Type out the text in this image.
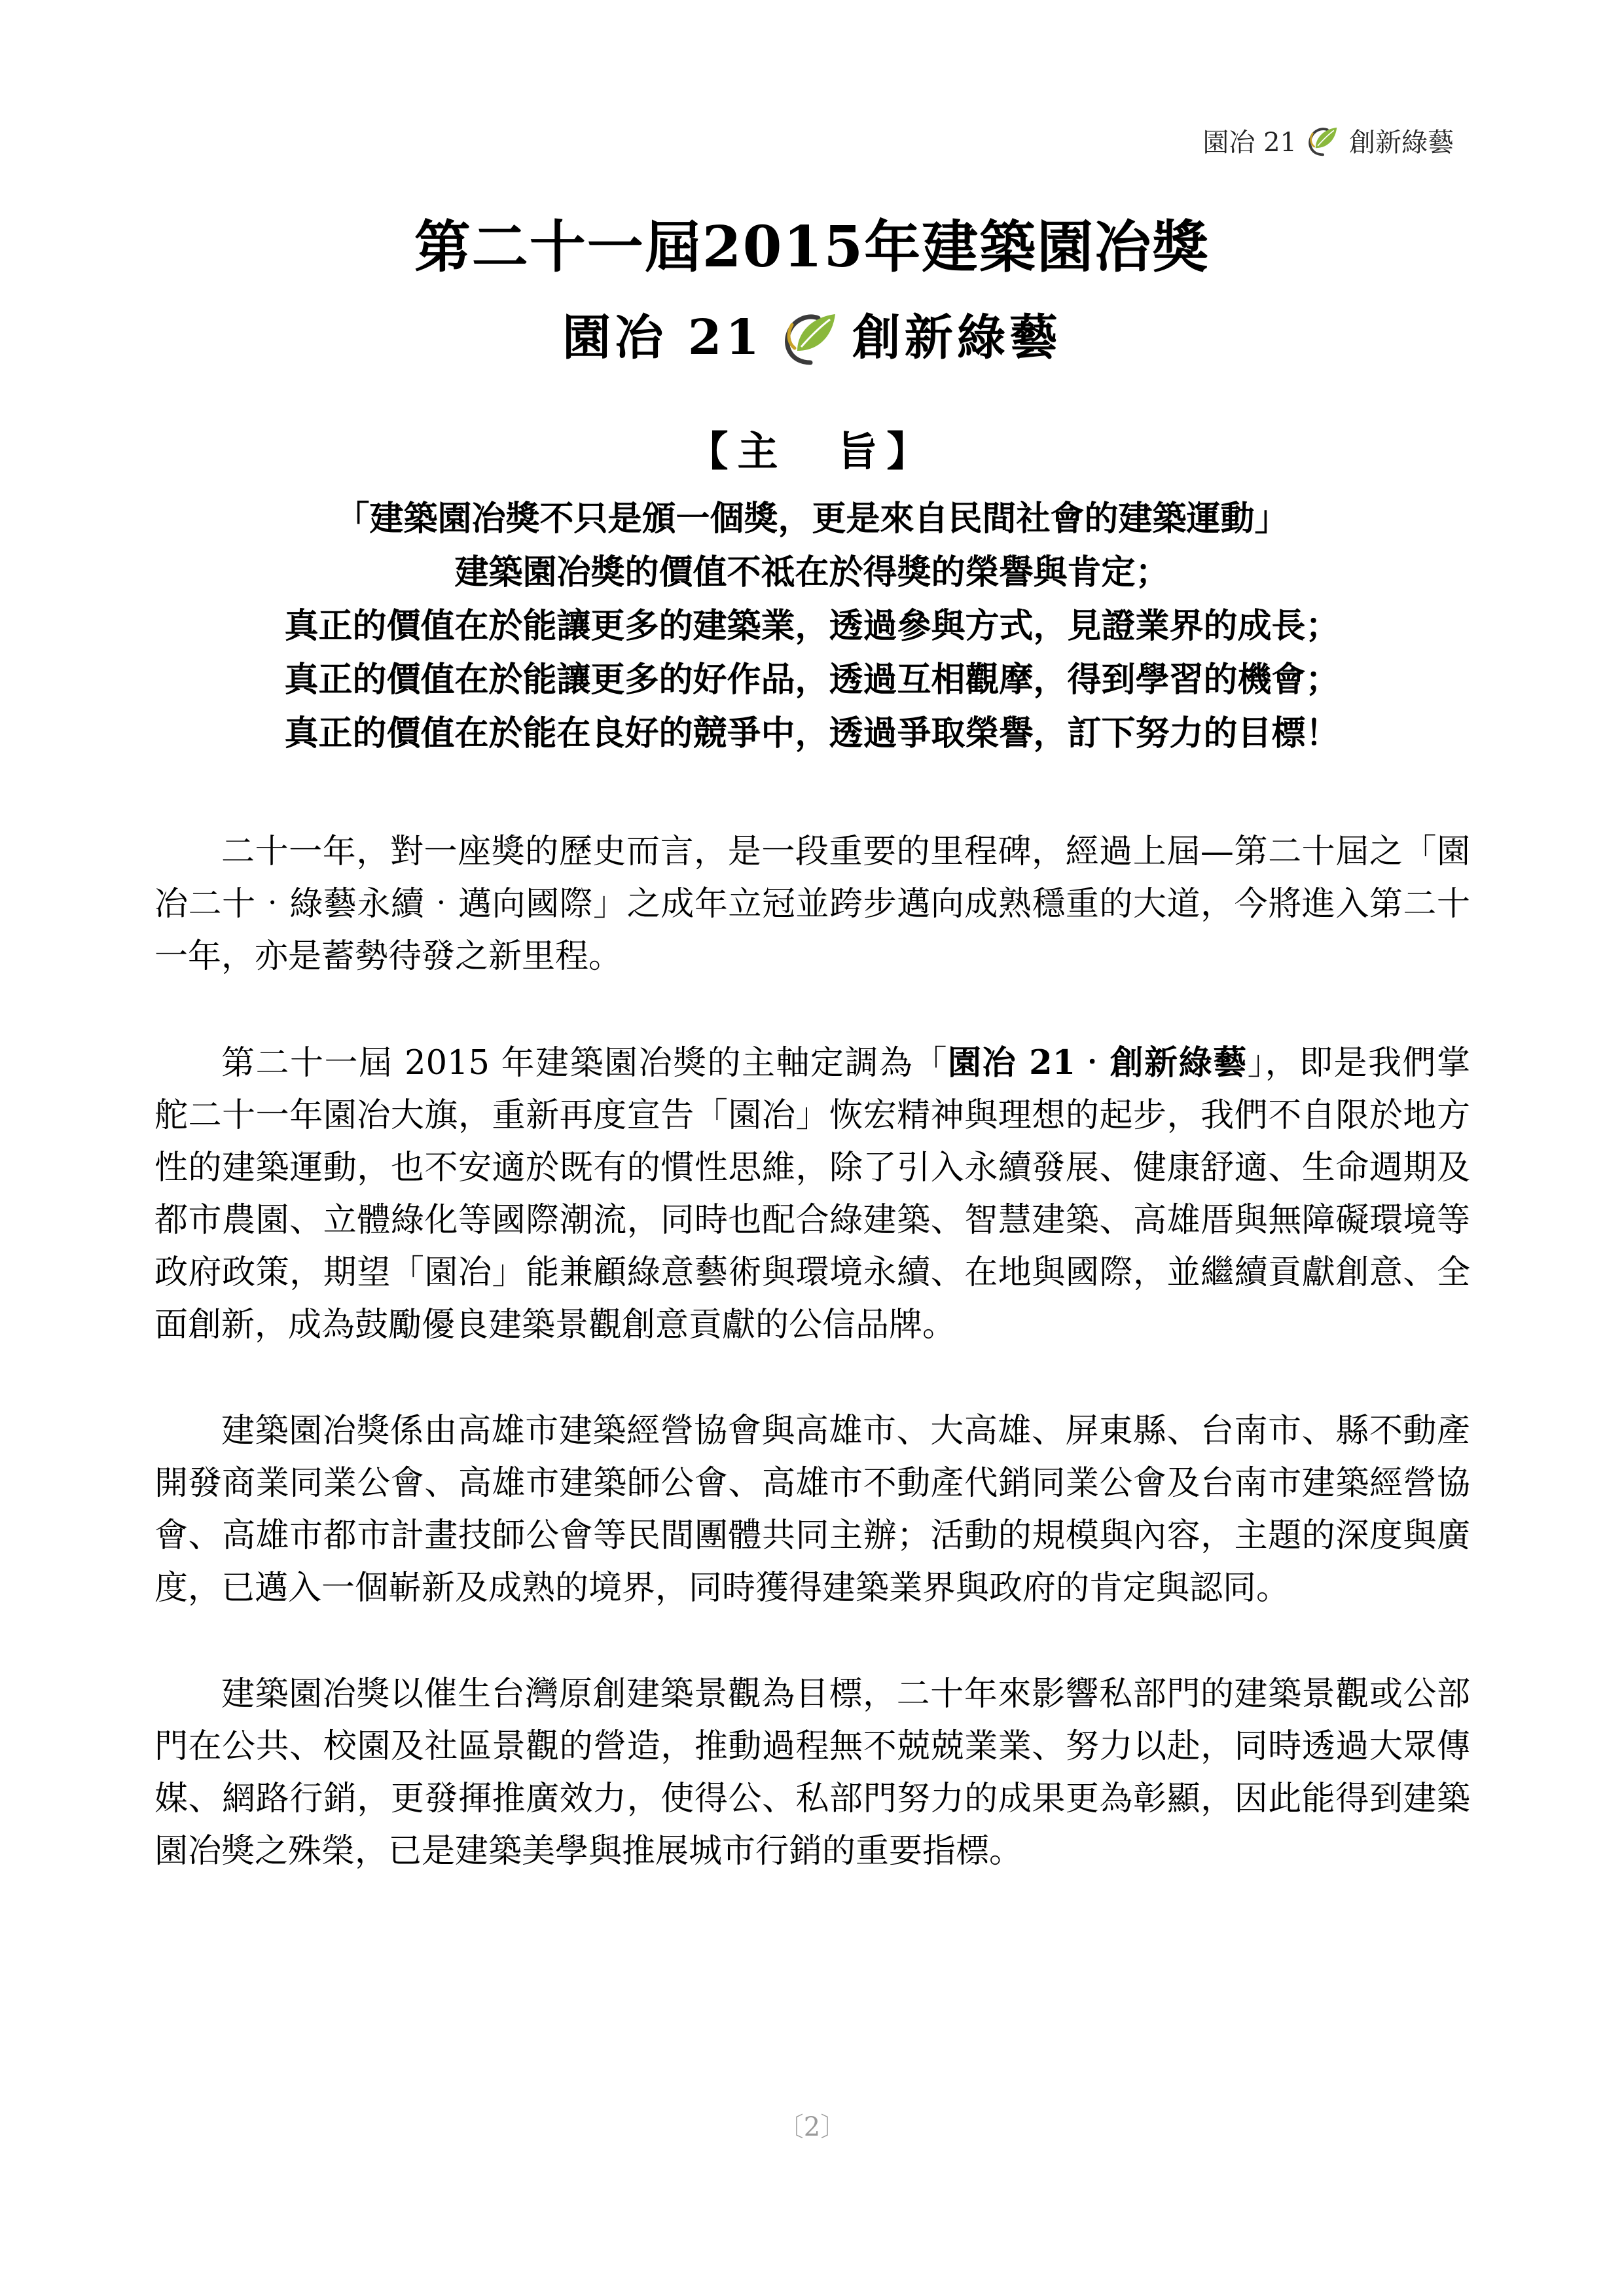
園冶 21 創新綠藝
第二十一屆2015年建築園冶獎
園冶 21 創新綠藝
【主　旨】
「建築園冶獎不只是頒一個獎，更是來自民間社會的建築運動」
建築園冶獎的價值不祗在於得獎的榮譽與肯定；
真正的價值在於能讓更多的建築業，透過參與方式，見證業界的成長；
真正的價值在於能讓更多的好作品，透過互相觀摩，得到學習的機會；
真正的價值在於能在良好的競爭中，透過爭取榮譽，訂下努力的目標！

二十一年，對一座獎的歷史而言，是一段重要的里程碑，經過上屆—第二十屆之「園冶二十‧綠藝永續‧邁向國際」之成年立冠並跨步邁向成熟穩重的大道，今將進入第二十一年，亦是蓄勢待發之新里程。

第二十一屆 2015 年建築園冶獎的主軸定調為「園冶 21‧創新綠藝」，即是我們掌舵二十一年園冶大旗，重新再度宣告「園冶」恢宏精神與理想的起步，我們不自限於地方性的建築運動，也不安適於既有的慣性思維，除了引入永續發展、健康舒適、生命週期及都市農園、立體綠化等國際潮流，同時也配合綠建築、智慧建築、高雄厝與無障礙環境等政府政策，期望「園冶」能兼顧綠意藝術與環境永續、在地與國際，並繼續貢獻創意、全面創新，成為鼓勵優良建築景觀創意貢獻的公信品牌。

建築園冶獎係由高雄市建築經營協會與高雄市、大高雄、屏東縣、台南市、縣不動產開發商業同業公會、高雄市建築師公會、高雄市不動產代銷同業公會及台南市建築經營協會、高雄市都市計畫技師公會等民間團體共同主辦；活動的規模與內容，主題的深度與廣度，已邁入一個嶄新及成熟的境界，同時獲得建築業界與政府的肯定與認同。

建築園冶獎以催生台灣原創建築景觀為目標，二十年來影響私部門的建築景觀或公部門在公共、校園及社區景觀的營造，推動過程無不兢兢業業、努力以赴，同時透過大眾傳媒、網路行銷，更發揮推廣效力，使得公、私部門努力的成果更為彰顯，因此能得到建築園冶獎之殊榮，已是建築美學與推展城市行銷的重要指標。

〔2〕
